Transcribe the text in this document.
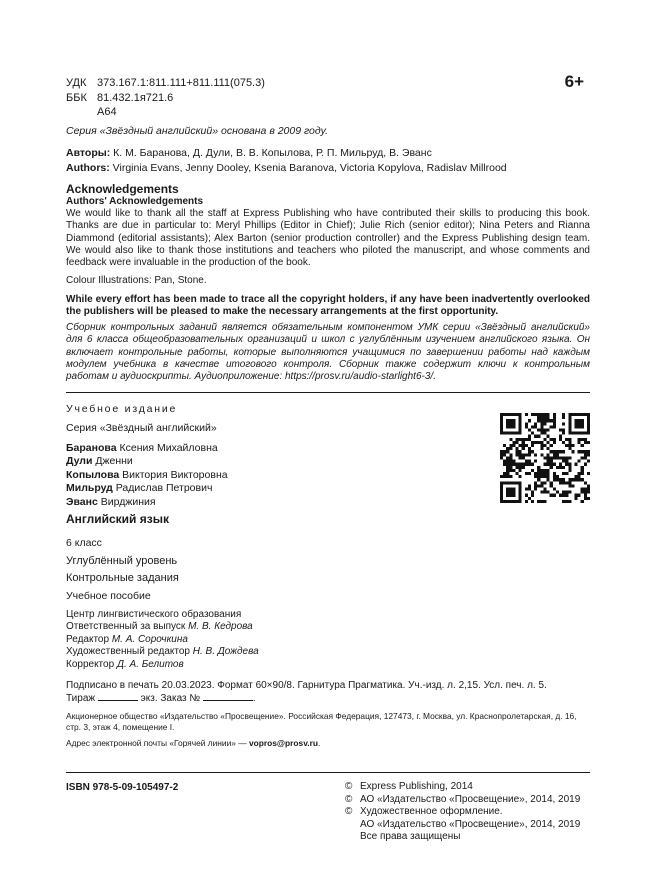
УДК 373.167.1:811.111+811.111(075.3)
ББК 81.432.1я721.6
А64
6+
Серия «Звёздный английский» основана в 2009 году.
Авторы: К. М. Баранова, Д. Дули, В. В. Копылова, Р. П. Мильруд, В. Эванс
Authors: Virginia Evans, Jenny Dooley, Ksenia Baranova, Victoria Kopylova, Radislav Millrood
Acknowledgements
Authors' Acknowledgements

We would like to thank all the staff at Express Publishing who have contributed their skills to producing this book. Thanks are due in particular to: Meryl Phillips (Editor in Chief); Julie Rich (senior editor); Nina Peters and Rianna Diammond (editorial assistants); Alex Barton (senior production controller) and the Express Publishing design team. We would also like to thank those institutions and teachers who piloted the manuscript, and whose comments and feedback were invaluable in the production of the book.

Colour Illustrations: Pan, Stone.
While every effort has been made to trace all the copyright holders, if any have been inadvertently overlooked the publishers will be pleased to make the necessary arrangements at the first opportunity.
Сборник контрольных заданий является обязательным компонентом УМК серии «Звёздный английский» для 6 класса общеобразовательных организаций и школ с углублённым изучением английского языка. Он включает контрольные работы, которые выполняются учащимися по завершении работы над каждым модулем учебника в качестве итогового контроля. Сборник также содержит ключи к контрольным работам и аудиоскрипты. Аудиоприложение: https://prosv.ru/audio-starlight6-3/.
Учебное издание
Серия «Звёздный английский»
Баранова Ксения Михайловна
Дули Дженни
Копылова Виктория Викторовна
Мильруд Радислав Петрович
Эванс Вирджиния
Английский язык
6 класс
Углублённый уровень
Контрольные задания
Учебное пособие
Центр лингвистического образования
Ответственный за выпуск М. В. Кедрова
Редактор М. А. Сорочкина
Художественный редактор Н. В. Дождева
Корректор Д. А. Белитов
Подписано в печать 20.03.2023. Формат 60×90/8. Гарнитура Прагматика. Уч.-изд. л. 2,15. Усл. печ. л. 5.
Тираж	экз. Заказ №	.
Акционерное общество «Издательство «Просвещение». Российская Федерация, 127473, г. Москва, ул. Краснопролетарская, д. 16, стр. 3, этаж 4, помещение I.
Адрес электронной почты «Горячей линии» — vopros@prosv.ru.
ISBN 978-5-09-105497-2	© Express Publishing, 2014
© АО «Издательство «Просвещение», 2014, 2019
© Художественное оформление.
АО «Издательство «Просвещение», 2014, 2019
Все права защищены
